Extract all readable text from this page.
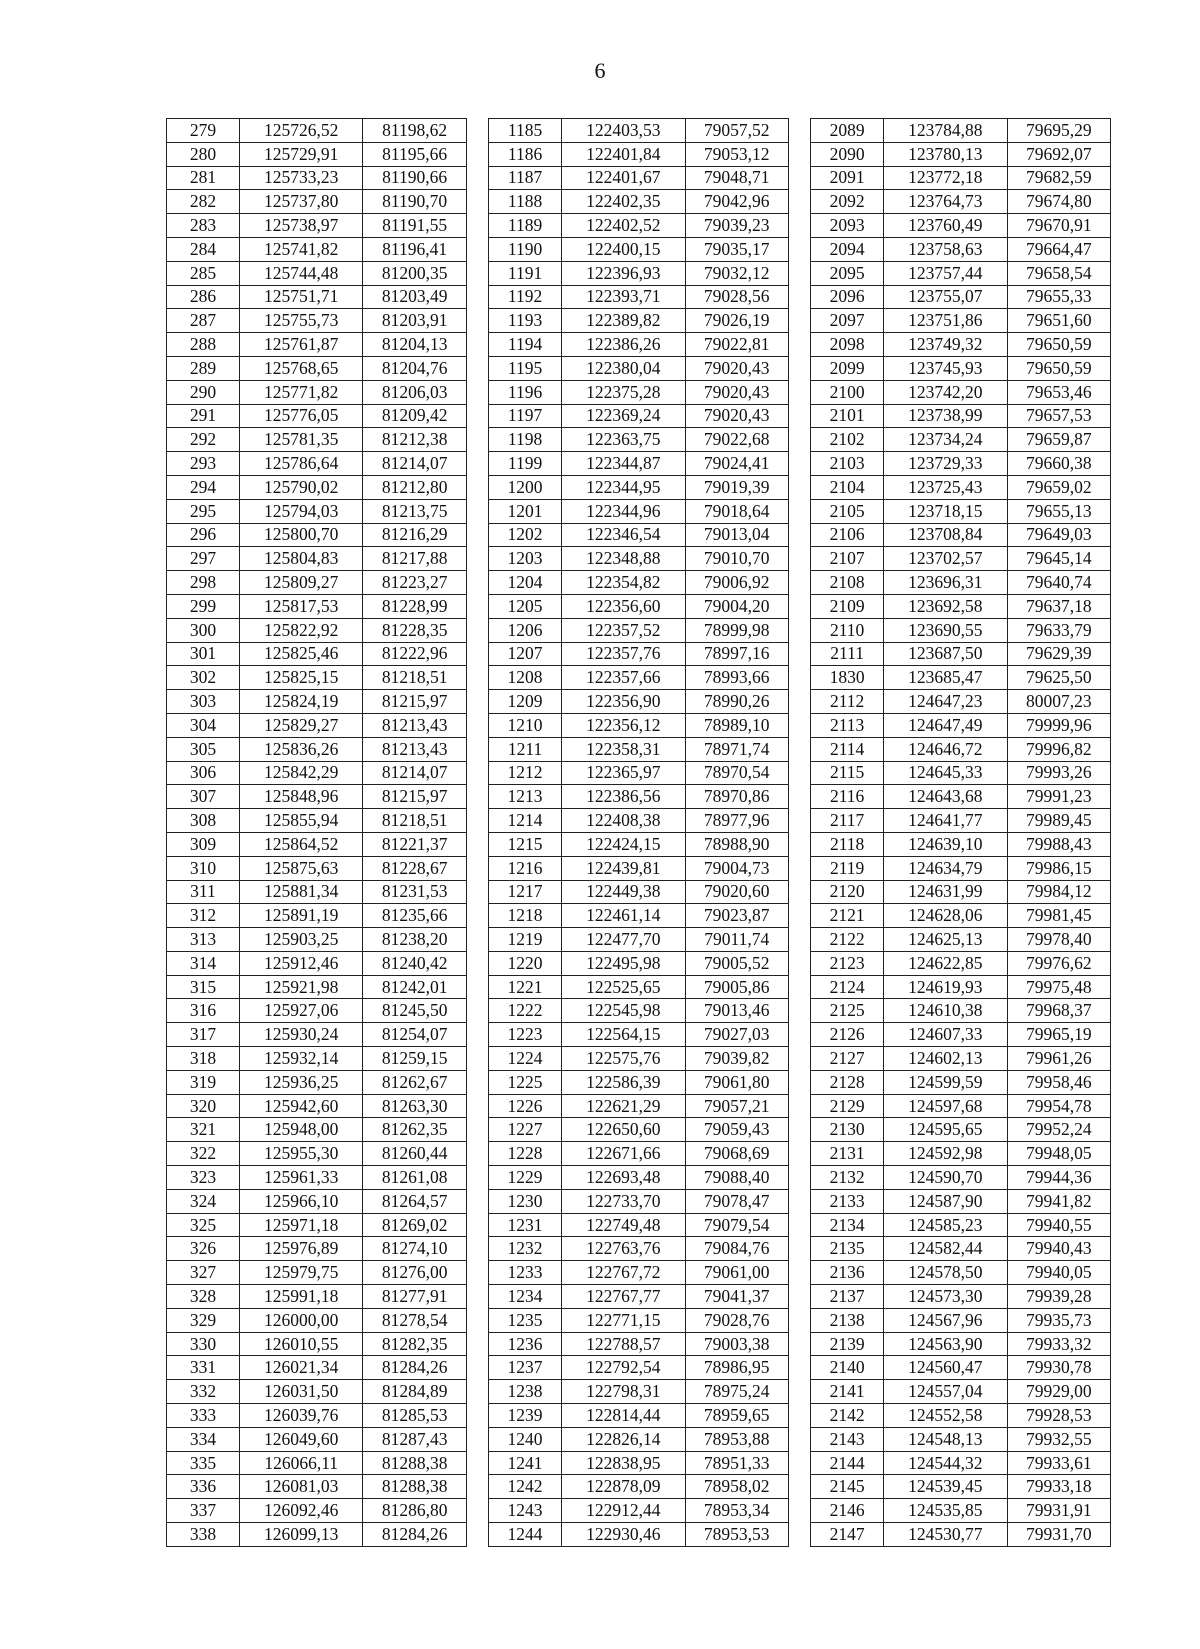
6
279	125726,52	81198,62		1185	122403,53	79057,52		2089	123784,88	79695,29
280	125729,91	81195,66		1186	122401,84	79053,12		2090	123780,13	79692,07
281	125733,23	81190,66		1187	122401,67	79048,71		2091	123772,18	79682,59
282	125737,80	81190,70		1188	122402,35	79042,96		2092	123764,73	79674,80
283	125738,97	81191,55		1189	122402,52	79039,23		2093	123760,49	79670,91
284	125741,82	81196,41		1190	122400,15	79035,17		2094	123758,63	79664,47
285	125744,48	81200,35		1191	122396,93	79032,12		2095	123757,44	79658,54
286	125751,71	81203,49		1192	122393,71	79028,56		2096	123755,07	79655,33
287	125755,73	81203,91		1193	122389,82	79026,19		2097	123751,86	79651,60
288	125761,87	81204,13		1194	122386,26	79022,81		2098	123749,32	79650,59
289	125768,65	81204,76		1195	122380,04	79020,43		2099	123745,93	79650,59
290	125771,82	81206,03		1196	122375,28	79020,43		2100	123742,20	79653,46
291	125776,05	81209,42		1197	122369,24	79020,43		2101	123738,99	79657,53
292	125781,35	81212,38		1198	122363,75	79022,68		2102	123734,24	79659,87
293	125786,64	81214,07		1199	122344,87	79024,41		2103	123729,33	79660,38
294	125790,02	81212,80		1200	122344,95	79019,39		2104	123725,43	79659,02
295	125794,03	81213,75		1201	122344,96	79018,64		2105	123718,15	79655,13
296	125800,70	81216,29		1202	122346,54	79013,04		2106	123708,84	79649,03
297	125804,83	81217,88		1203	122348,88	79010,70		2107	123702,57	79645,14
298	125809,27	81223,27		1204	122354,82	79006,92		2108	123696,31	79640,74
299	125817,53	81228,99		1205	122356,60	79004,20		2109	123692,58	79637,18
300	125822,92	81228,35		1206	122357,52	78999,98		2110	123690,55	79633,79
301	125825,46	81222,96		1207	122357,76	78997,16		2111	123687,50	79629,39
302	125825,15	81218,51		1208	122357,66	78993,66		1830	123685,47	79625,50
303	125824,19	81215,97		1209	122356,90	78990,26		2112	124647,23	80007,23
304	125829,27	81213,43		1210	122356,12	78989,10		2113	124647,49	79999,96
305	125836,26	81213,43		1211	122358,31	78971,74		2114	124646,72	79996,82
306	125842,29	81214,07		1212	122365,97	78970,54		2115	124645,33	79993,26
307	125848,96	81215,97		1213	122386,56	78970,86		2116	124643,68	79991,23
308	125855,94	81218,51		1214	122408,38	78977,96		2117	124641,77	79989,45
309	125864,52	81221,37		1215	122424,15	78988,90		2118	124639,10	79988,43
310	125875,63	81228,67		1216	122439,81	79004,73		2119	124634,79	79986,15
311	125881,34	81231,53		1217	122449,38	79020,60		2120	124631,99	79984,12
312	125891,19	81235,66		1218	122461,14	79023,87		2121	124628,06	79981,45
313	125903,25	81238,20		1219	122477,70	79011,74		2122	124625,13	79978,40
314	125912,46	81240,42		1220	122495,98	79005,52		2123	124622,85	79976,62
315	125921,98	81242,01		1221	122525,65	79005,86		2124	124619,93	79975,48
316	125927,06	81245,50		1222	122545,98	79013,46		2125	124610,38	79968,37
317	125930,24	81254,07		1223	122564,15	79027,03		2126	124607,33	79965,19
318	125932,14	81259,15		1224	122575,76	79039,82		2127	124602,13	79961,26
319	125936,25	81262,67		1225	122586,39	79061,80		2128	124599,59	79958,46
320	125942,60	81263,30		1226	122621,29	79057,21		2129	124597,68	79954,78
321	125948,00	81262,35		1227	122650,60	79059,43		2130	124595,65	79952,24
322	125955,30	81260,44		1228	122671,66	79068,69		2131	124592,98	79948,05
323	125961,33	81261,08		1229	122693,48	79088,40		2132	124590,70	79944,36
324	125966,10	81264,57		1230	122733,70	79078,47		2133	124587,90	79941,82
325	125971,18	81269,02		1231	122749,48	79079,54		2134	124585,23	79940,55
326	125976,89	81274,10		1232	122763,76	79084,76		2135	124582,44	79940,43
327	125979,75	81276,00		1233	122767,72	79061,00		2136	124578,50	79940,05
328	125991,18	81277,91		1234	122767,77	79041,37		2137	124573,30	79939,28
329	126000,00	81278,54		1235	122771,15	79028,76		2138	124567,96	79935,73
330	126010,55	81282,35		1236	122788,57	79003,38		2139	124563,90	79933,32
331	126021,34	81284,26		1237	122792,54	78986,95		2140	124560,47	79930,78
332	126031,50	81284,89		1238	122798,31	78975,24		2141	124557,04	79929,00
333	126039,76	81285,53		1239	122814,44	78959,65		2142	124552,58	79928,53
334	126049,60	81287,43		1240	122826,14	78953,88		2143	124548,13	79932,55
335	126066,11	81288,38		1241	122838,95	78951,33		2144	124544,32	79933,61
336	126081,03	81288,38		1242	122878,09	78958,02		2145	124539,45	79933,18
337	126092,46	81286,80		1243	122912,44	78953,34		2146	124535,85	79931,91
338	126099,13	81284,26		1244	122930,46	78953,53		2147	124530,77	79931,70
